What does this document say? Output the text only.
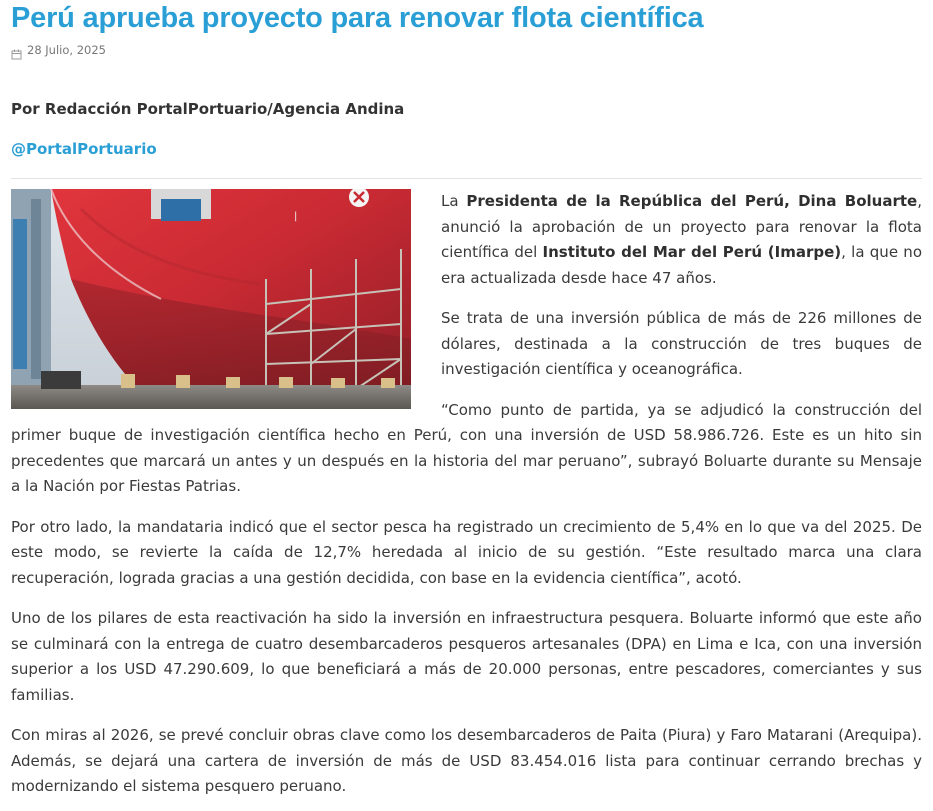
Perú aprueba proyecto para renovar flota científica
28 Julio, 2025
Por Redacción PortalPortuario/Agencia Andina
@PortalPortuario
|

La Presidenta de la República del Perú, Dina Boluarte, anunció la aprobación de un proyecto para renovar la flota científica del Instituto del Mar del Perú (Imarpe), la que no era actualizada desde hace 47 años.

Se trata de una inversión pública de más de 226 millones de dólares, destinada a la construcción de tres buques de investigación científica y oceanográfica.

“Como punto de partida, ya se adjudicó la construcción del primer buque de investigación científica hecho en Perú, con una inversión de USD 58.986.726. Este es un hito sin precedentes que marcará un antes y un después en la historia del mar peruano”, subrayó Boluarte durante su Mensaje a la Nación por Fiestas Patrias.

Por otro lado, la mandataria indicó que el sector pesca ha registrado un crecimiento de 5,4% en lo que va del 2025. De este modo, se revierte la caída de 12,7% heredada al inicio de su gestión. “Este resultado marca una clara recuperación, lograda gracias a una gestión decidida, con base en la evidencia científica”, acotó.

Uno de los pilares de esta reactivación ha sido la inversión en infraestructura pesquera. Boluarte informó que este año se culminará con la entrega de cuatro desembarcaderos pesqueros artesanales (DPA) en Lima e Ica, con una inversión superior a los USD 47.290.609, lo que beneficiará a más de 20.000 personas, entre pescadores, comerciantes y sus familias.

Con miras al 2026, se prevé concluir obras clave como los desembarcaderos de Paita (Piura) y Faro Matarani (Arequipa). Además, se dejará una cartera de inversión de más de USD 83.454.016 lista para continuar cerrando brechas y modernizando el sistema pesquero peruano.
